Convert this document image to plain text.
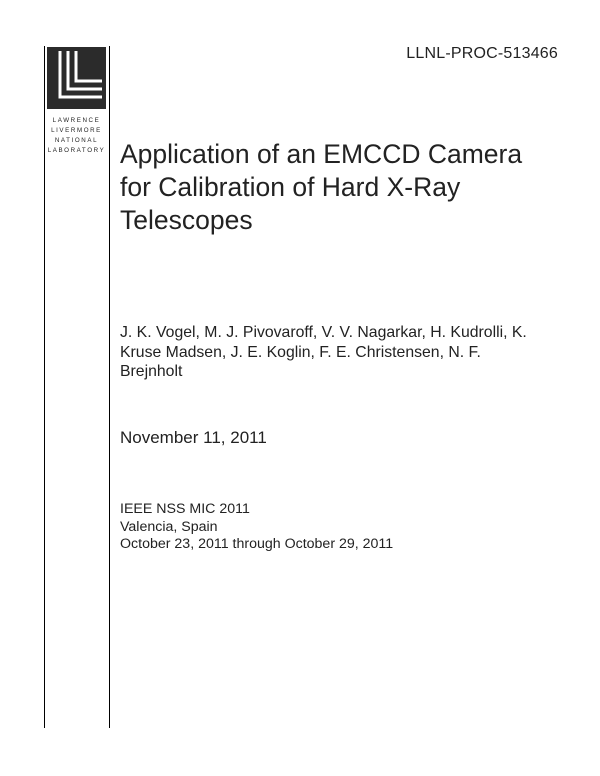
LLNL-PROC-513466
LAWRENCE
LIVERMORE
NATIONAL
LABORATORY Application of an EMCCD Camera for Calibration of Hard X-Ray Telescopes
J. K. Vogel, M. J. Pivovaroff, V. V. Nagarkar, H. Kudrolli, K. Kruse Madsen, J. E. Koglin, F. E. Christensen, N. F. Brejnholt
November 11, 2011
IEEE NSS MIC 2011
Valencia, Spain
October 23, 2011 through October 29, 2011
